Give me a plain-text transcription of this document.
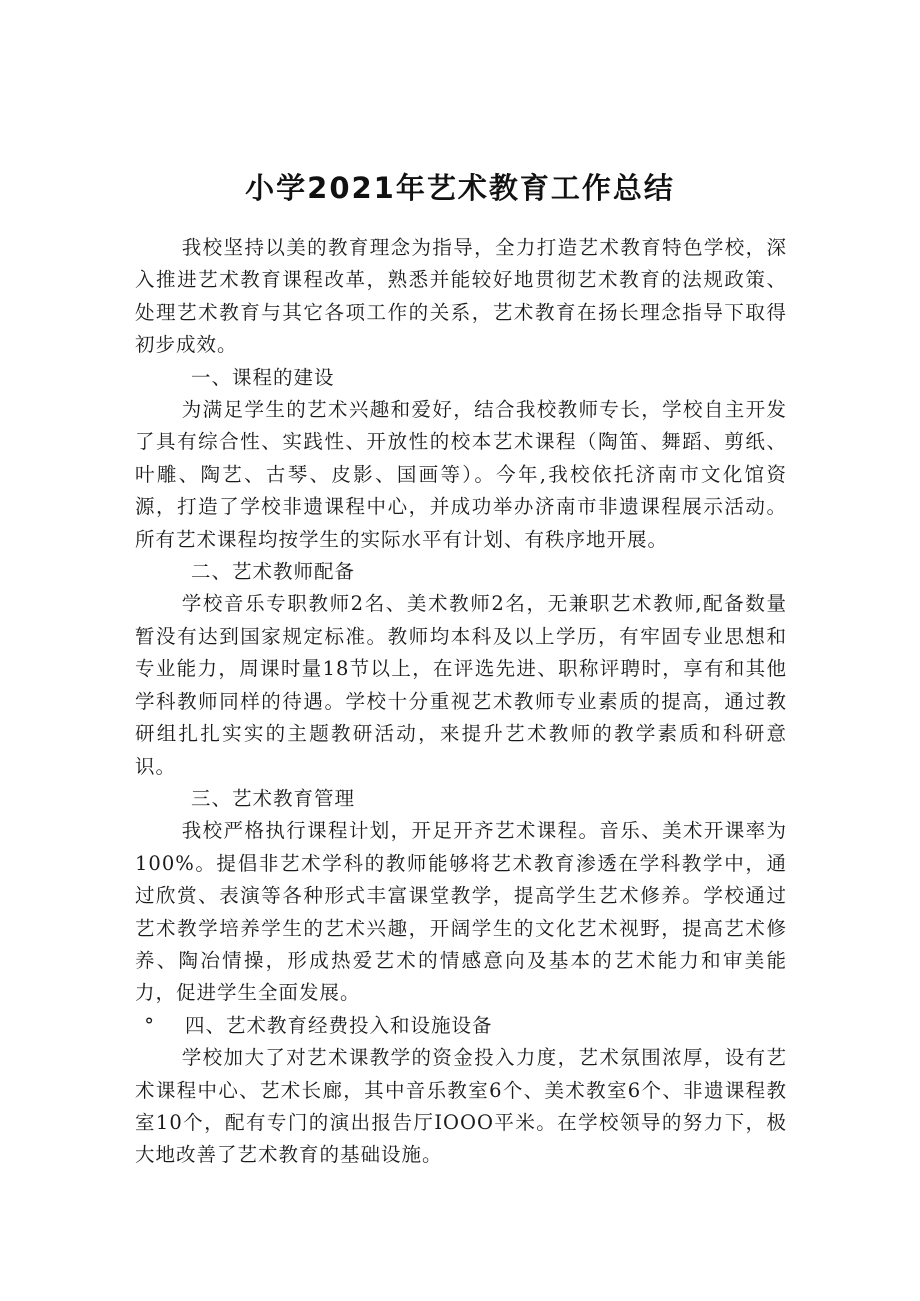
小学2021年艺术教育工作总结

我校坚持以美的教育理念为指导，全力打造艺术教育特色学校，深入推进艺术教育课程改革，熟悉并能较好地贯彻艺术教育的法规政策、处理艺术教育与其它各项工作的关系，艺术教育在扬长理念指导下取得初步成效。

一、课程的建设

为满足学生的艺术兴趣和爱好，结合我校教师专长，学校自主开发了具有综合性、实践性、开放性的校本艺术课程（陶笛、舞蹈、剪纸、叶雕、陶艺、古琴、皮影、国画等）。今年,我校依托济南市文化馆资源，打造了学校非遗课程中心，并成功举办济南市非遗课程展示活动。所有艺术课程均按学生的实际水平有计划、有秩序地开展。

二、艺术教师配备

学校音乐专职教师2名、美术教师2名，无兼职艺术教师,配备数量暂没有达到国家规定标准。教师均本科及以上学历，有牢固专业思想和专业能力，周课时量18节以上，在评选先进、职称评聘时，享有和其他学科教师同样的待遇。学校十分重视艺术教师专业素质的提高，通过教研组扎扎实实的主题教研活动，来提升艺术教师的教学素质和科研意识。

三、艺术教育管理

我校严格执行课程计划，开足开齐艺术课程。音乐、美术开课率为100%。提倡非艺术学科的教师能够将艺术教育渗透在学科教学中，通过欣赏、表演等各种形式丰富课堂教学，提高学生艺术修养。学校通过艺术教学培养学生的艺术兴趣，开阔学生的文化艺术视野，提高艺术修养、陶冶情操，形成热爱艺术的情感意向及基本的艺术能力和审美能力，促进学生全面发展。

° 四、艺术教育经费投入和设施设备

学校加大了对艺术课教学的资金投入力度，艺术氛围浓厚，设有艺术课程中心、艺术长廊，其中音乐教室6个、美术教室6个、非遗课程教室10个，配有专门的演出报告厅IOOO平米。在学校领导的努力下，极大地改善了艺术教育的基础设施。
